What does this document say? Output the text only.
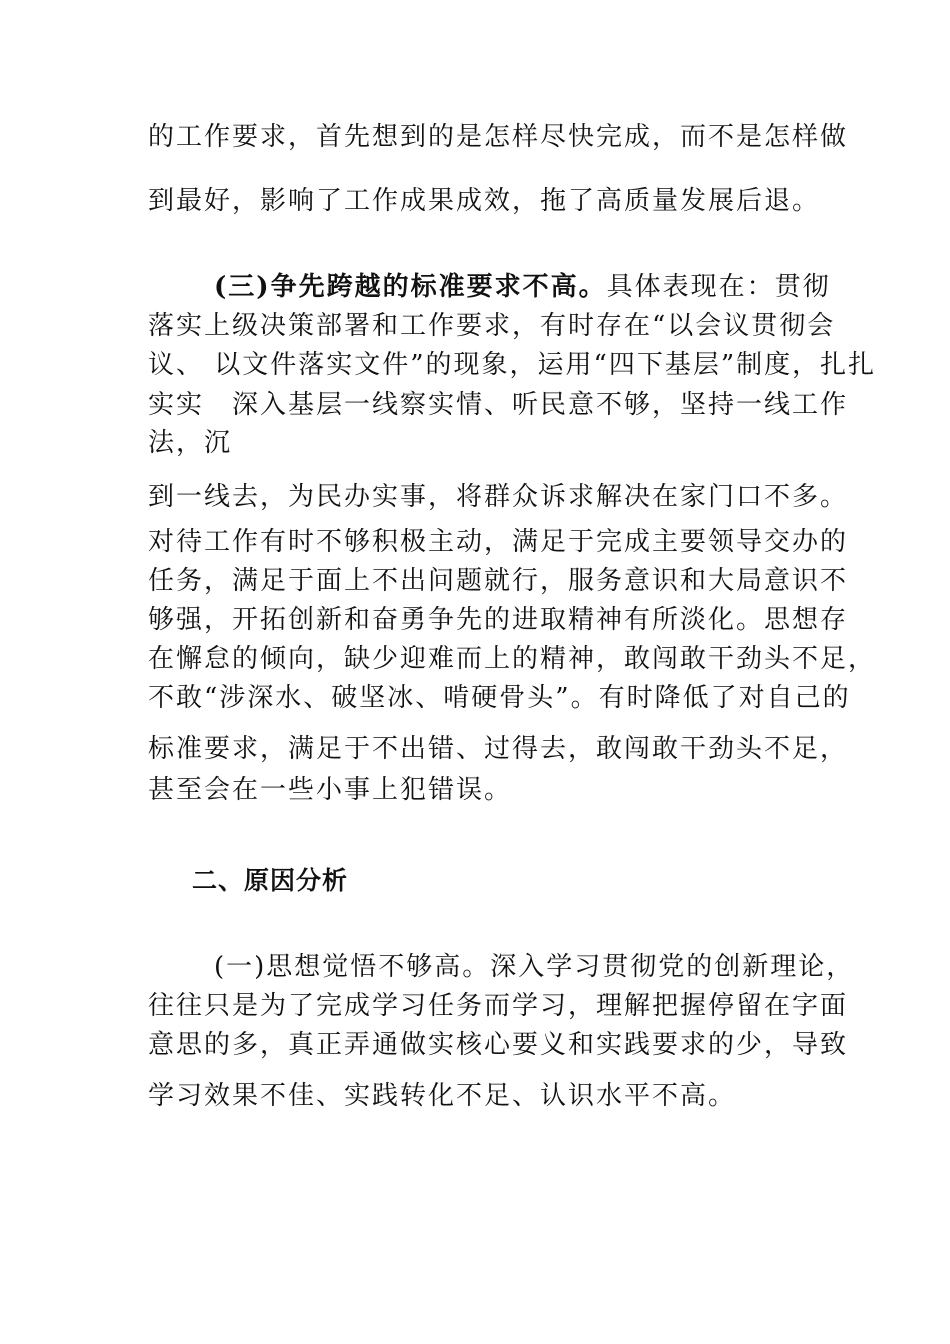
的工作要求，首先想到的是怎样尽快完成，而不是怎样做
到最好，影响了工作成果成效，拖了高质量发展后退。
(三)争先跨越的标准要求不高。具体表现在：贯彻
落实上级决策部署和工作要求，有时存在“以会议贯彻会
议、 以文件落实文件”的现象，运用“四下基层”制度，扎扎
实实　深入基层一线察实情、听民意不够，坚持一线工作
法，沉
到一线去，为民办实事，将群众诉求解决在家门口不多。
对待工作有时不够积极主动，满足于完成主要领导交办的
任务，满足于面上不出问题就行，服务意识和大局意识不
够强，开拓创新和奋勇争先的进取精神有所淡化。思想存
在懈怠的倾向，缺少迎难而上的精神，敢闯敢干劲头不足，
不敢“涉深水、破坚冰、啃硬骨头”。有时降低了对自己的
标准要求，满足于不出错、过得去，敢闯敢干劲头不足，
甚至会在一些小事上犯错误。
二、原因分析
(一)思想觉悟不够高。深入学习贯彻党的创新理论，
往往只是为了完成学习任务而学习，理解把握停留在字面
意思的多，真正弄通做实核心要义和实践要求的少，导致
学习效果不佳、实践转化不足、认识水平不高。
